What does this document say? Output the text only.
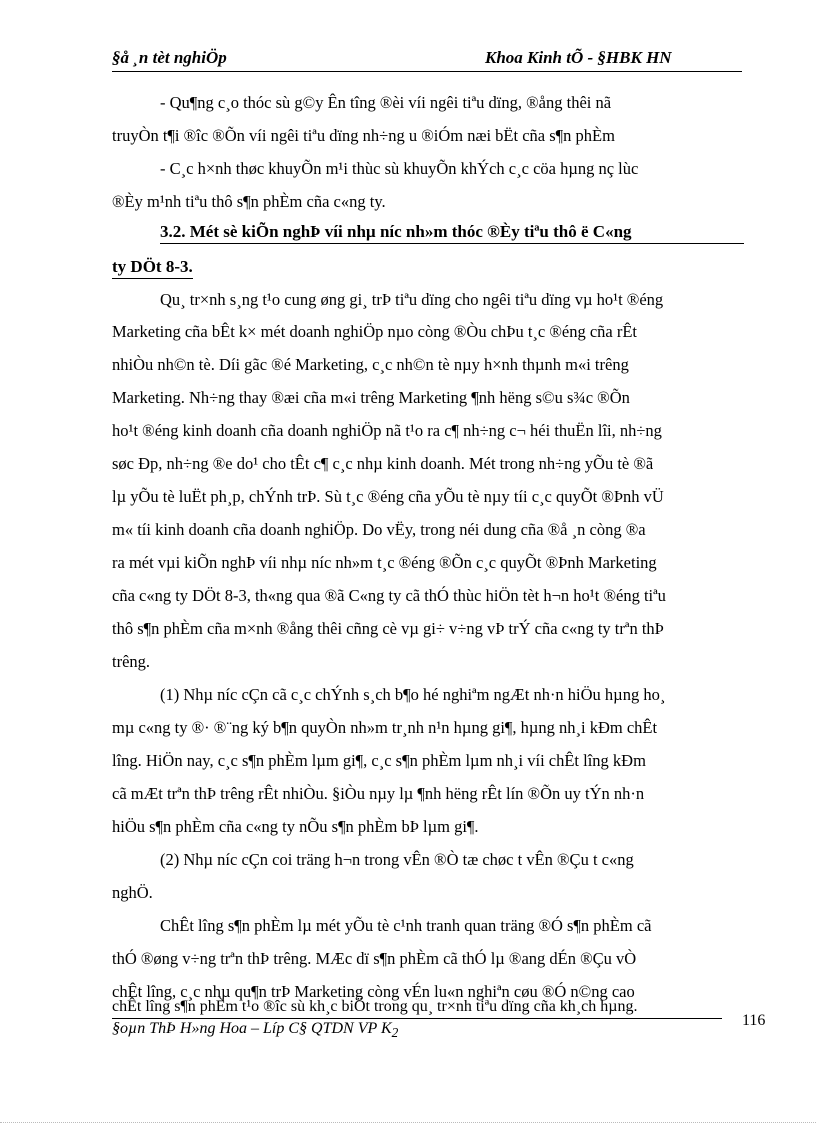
§å ¸n tèt nghiÖp	Khoa Kinh tÕ - §HBK HN
- Qu¶ng c¸o thóc sù g©y Ên tîng ®èi víi ngêi tiªu dïng, ®ång thêi nã
truyÒn t¶i ®îc ®Õn víi ngêi tiªu dïng nh÷ng u ®iÓm næi bËt cña s¶n phÈm
- C¸c h×nh thøc khuyÕn m¹i thùc sù khuyÕn khÝch c¸c cöa hµng nç lùc
®Èy m¹nh tiªu thô s¶n phÈm cña c«ng ty.
3.2. Mét sè kiÕn nghÞ víi nhµ níc nh»m thóc ®Èy tiªu thô ë C«ng
ty DÖt 8-3.
Qu¸ tr×nh s¸ng t¹o cung øng gi¸ trÞ tiªu dïng cho ngêi tiªu dïng vµ ho¹t ®éng
Marketing cña bÊt k× mét doanh nghiÖp nµo còng ®Òu chÞu t¸c ®éng cña rÊt
nhiÒu nh©n tè. Díi gãc ®é Marketing, c¸c nh©n tè nµy h×nh thµnh m«i trêng
Marketing. Nh÷ng thay ®æi cña m«i trêng Marketing ¶nh hëng s©u s¾c ®Õn
ho¹t ®éng kinh doanh cña doanh nghiÖp nã t¹o ra c¶ nh÷ng c¬ héi thuËn lîi, nh÷ng
søc Ðp, nh÷ng ®e do¹ cho tÊt c¶ c¸c nhµ kinh doanh. Mét trong nh÷ng yÕu tè ®ã
lµ yÕu tè luËt ph¸p, chÝnh trÞ. Sù t¸c ®éng cña yÕu tè nµy tíi c¸c quyÕt ®Þnh vÜ
m« tíi kinh doanh cña doanh nghiÖp. Do vËy, trong néi dung cña ®å ¸n còng ®a
ra mét vµi kiÕn nghÞ víi nhµ níc nh»m t¸c ®éng ®Õn c¸c quyÕt ®Þnh Marketing
cña c«ng ty DÖt 8-3, th«ng qua ®ã C«ng ty cã thÓ thùc hiÖn tèt h¬n ho¹t ®éng tiªu
thô s¶n phÈm cña m×nh ®ång thêi cñng cè vµ gi÷ v÷ng vÞ trÝ cña c«ng ty trªn thÞ
trêng.
(1) Nhµ níc cÇn cã c¸c chÝnh s¸ch b¶o hé nghiªm ngÆt nh·n hiÖu hµng ho¸
mµ c«ng ty ®· ®¨ng ký b¶n quyÒn nh»m tr¸nh n¹n hµng gi¶, hµng nh¸i kÐm chÊt
lîng. HiÖn nay, c¸c s¶n phÈm lµm gi¶, c¸c s¶n phÈm lµm nh¸i víi chÊt lîng kÐm
cã mÆt trªn thÞ trêng rÊt nhiÒu. §iÒu nµy lµ ¶nh hëng rÊt lín ®Õn uy tÝn nh·n
hiÖu s¶n phÈm cña c«ng ty nÕu s¶n phÈm bÞ lµm gi¶.
(2) Nhµ níc cÇn coi träng h¬n trong vÊn ®Ò tæ chøc t vÊn ®Çu t c«ng
nghÖ.
ChÊt lîng s¶n phÈm lµ mét yÕu tè c¹nh tranh quan träng ®Ó s¶n phÈm cã
thÓ ®øng v÷ng trªn thÞ trêng. MÆc dï s¶n phÈm cã thÓ lµ ®ang dÉn ®Çu vÒ
chÊt lîng, c¸c nhµ qu¶n trÞ Marketing còng vÉn lu«n nghiªn cøu ®Ó n©ng cao
chÊt lîng s¶n phÈm t¹o ®îc sù kh¸c biÖt trong qu¸ tr×nh tiªu dïng cña kh¸ch hµng.
§oµn ThÞ H»ng Hoa – Líp C§ QTDN VP $K_2$
116
